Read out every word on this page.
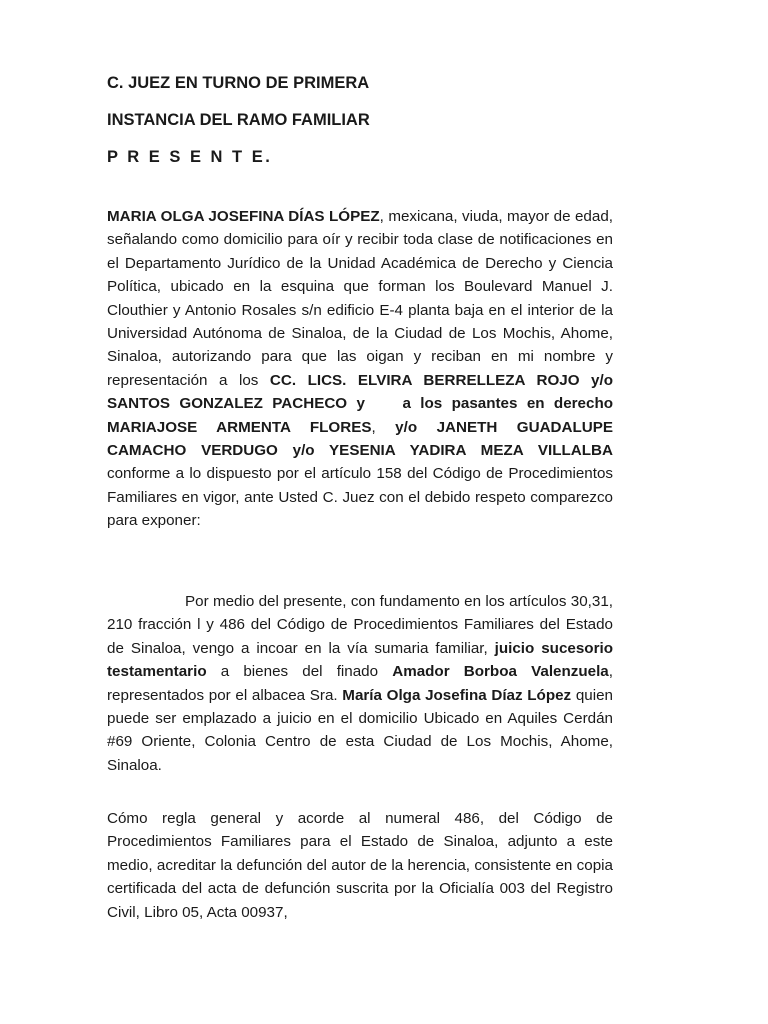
C. JUEZ EN TURNO DE PRIMERA

INSTANCIA DEL RAMO FAMILIAR

P R E S E N T E.

MARIA OLGA JOSEFINA DÍAS LÓPEZ, mexicana, viuda, mayor de edad, señalando como domicilio para oír y recibir toda clase de notificaciones en el Departamento Jurídico de la Unidad Académica de Derecho y Ciencia Política, ubicado en la esquina que forman los Boulevard Manuel J. Clouthier y Antonio Rosales s/n edificio E-4 planta baja en el interior de la Universidad Autónoma de Sinaloa, de la Ciudad de Los Mochis, Ahome, Sinaloa, autorizando para que las oigan y reciban en mi nombre y representación a los CC. LICS. ELVIRA BERRELLEZA ROJO y/o SANTOS GONZALEZ PACHECO y a los pasantes en derecho MARIAJOSE ARMENTA FLORES, y/o JANETH GUADALUPE CAMACHO VERDUGO y/o YESENIA YADIRA MEZA VILLALBA conforme a lo dispuesto por el artículo 158 del Código de Procedimientos Familiares en vigor, ante Usted C. Juez con el debido respeto comparezco para exponer:

Por medio del presente, con fundamento en los artículos 30,31, 210 fracción l y 486 del Código de Procedimientos Familiares del Estado de Sinaloa, vengo a incoar en la vía sumaria familiar, juicio sucesorio testamentario a bienes del finado Amador Borboa Valenzuela, representados por el albacea Sra. María Olga Josefina Díaz López quien puede ser emplazado a juicio en el domicilio Ubicado en Aquiles Cerdán #69 Oriente, Colonia Centro de esta Ciudad de Los Mochis, Ahome, Sinaloa.

Cómo regla general y acorde al numeral 486, del Código de Procedimientos Familiares para el Estado de Sinaloa, adjunto a este medio, acreditar la defunción del autor de la herencia, consistente en copia certificada del acta de defunción suscrita por la Oficialía 003 del Registro Civil, Libro 05, Acta 00937,
